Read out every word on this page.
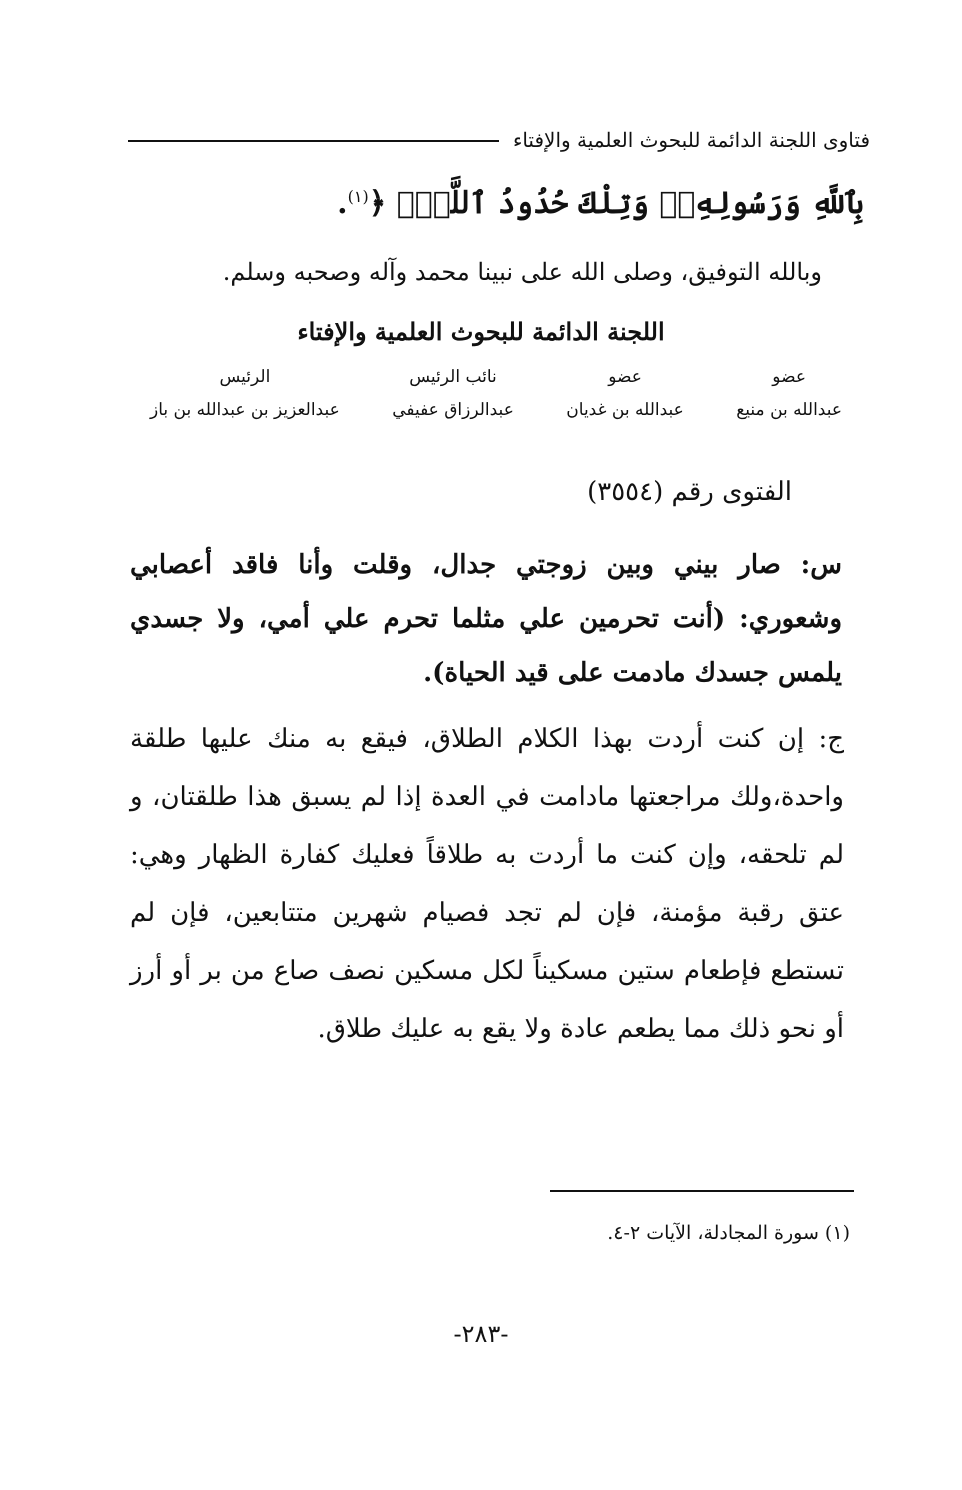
فتاوى اللجنة الدائمة للبحوث العلمية والإفتاء
بِٱللَّهِ وَرَسُولِهِۦۚ وَتِلْكَ حُدُودُ ٱللَّهِۗ ﴿$^{(١)}$.
وبالله التوفيق، وصلى الله على نبينا محمد وآله وصحبه وسلم.
اللجنة الدائمة للبحوث العلمية والإفتاء
عضو
عبدالله بن منيع
عضو
عبدالله بن غديان
نائب الرئيس
عبدالرزاق عفيفي
الرئيس
عبدالعزيز بن عبدالله بن باز
الفتوى رقم (٣٥٥٤)
س: صار بيني وبين زوجتي جدال، وقلت وأنا فاقد أعصابي وشعوري: (أنت تحرمين علي مثلما تحرم علي أمي، ولا جسدي يلمس جسدك مادمت على قيد الحياة).
ج: إن كنت أردت بهذا الكلام الطلاق، فيقع به منك عليها طلقة واحدة،ولك مراجعتها مادامت في العدة إذا لم يسبق هذا طلقتان، و لم تلحقه، وإن كنت ما أردت به طلاقاً فعليك كفارة الظهار وهي: عتق رقبة مؤمنة، فإن لم تجد فصيام شهرين متتابعين، فإن لم تستطع فإطعام ستين مسكيناً لكل مسكين نصف صاع من بر أو أرز أو نحو ذلك مما يطعم عادة ولا يقع به عليك طلاق.
(١) سورة المجادلة، الآيات ٢-٤.
-٢٨٣-
